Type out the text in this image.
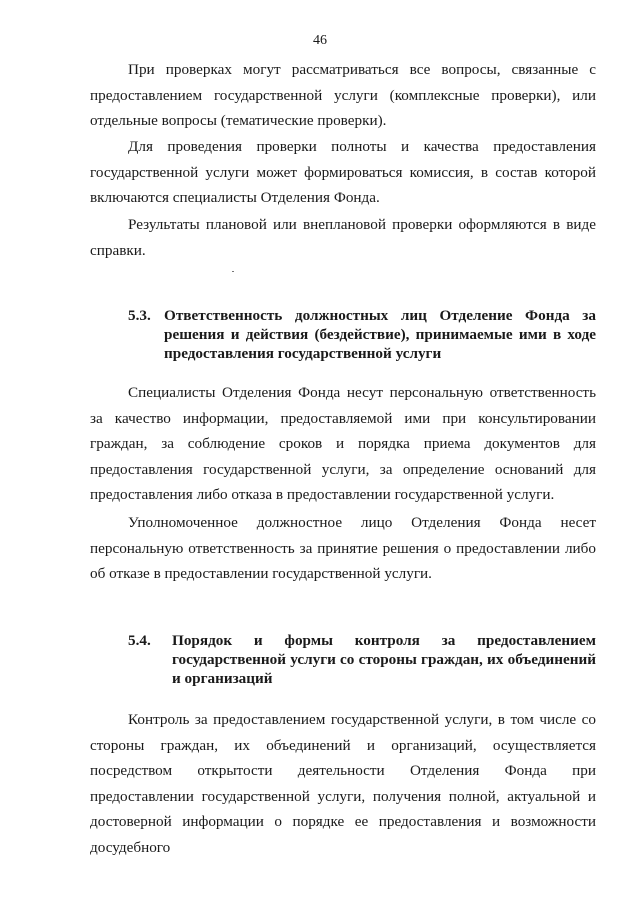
46

При проверках могут рассматриваться все вопросы, связанные с предоставлением государственной услуги (комплексные проверки), или отдельные вопросы (тематические проверки).

Для проведения проверки полноты и качества предоставления государственной услуги может формироваться комиссия, в состав которой включаются специалисты Отделения Фонда.

Результаты плановой или внеплановой проверки оформляются в виде справки.

5.3. Ответственность должностных лиц Отделение Фонда за решения и действия (бездействие), принимаемые ими в ходе предоставления государственной услуги

Специалисты Отделения Фонда несут персональную ответственность за качество информации, предоставляемой ими при консультировании граждан, за соблюдение сроков и порядка приема документов для предоставления государственной услуги, за определение оснований для предоставления либо отказа в предоставлении государственной услуги.

Уполномоченное должностное лицо Отделения Фонда несет персональную ответственность за принятие решения о предоставлении либо об отказе в предоставлении государственной услуги.

5.4. Порядок и формы контроля за предоставлением государственной услуги со стороны граждан, их объединений и организаций

Контроль за предоставлением государственной услуги, в том числе со стороны граждан, их объединений и организаций, осуществляется посредством открытости деятельности Отделения Фонда при предоставлении государственной услуги, получения полной, актуальной и достоверной информации о порядке ее предоставления и возможности досудебного
